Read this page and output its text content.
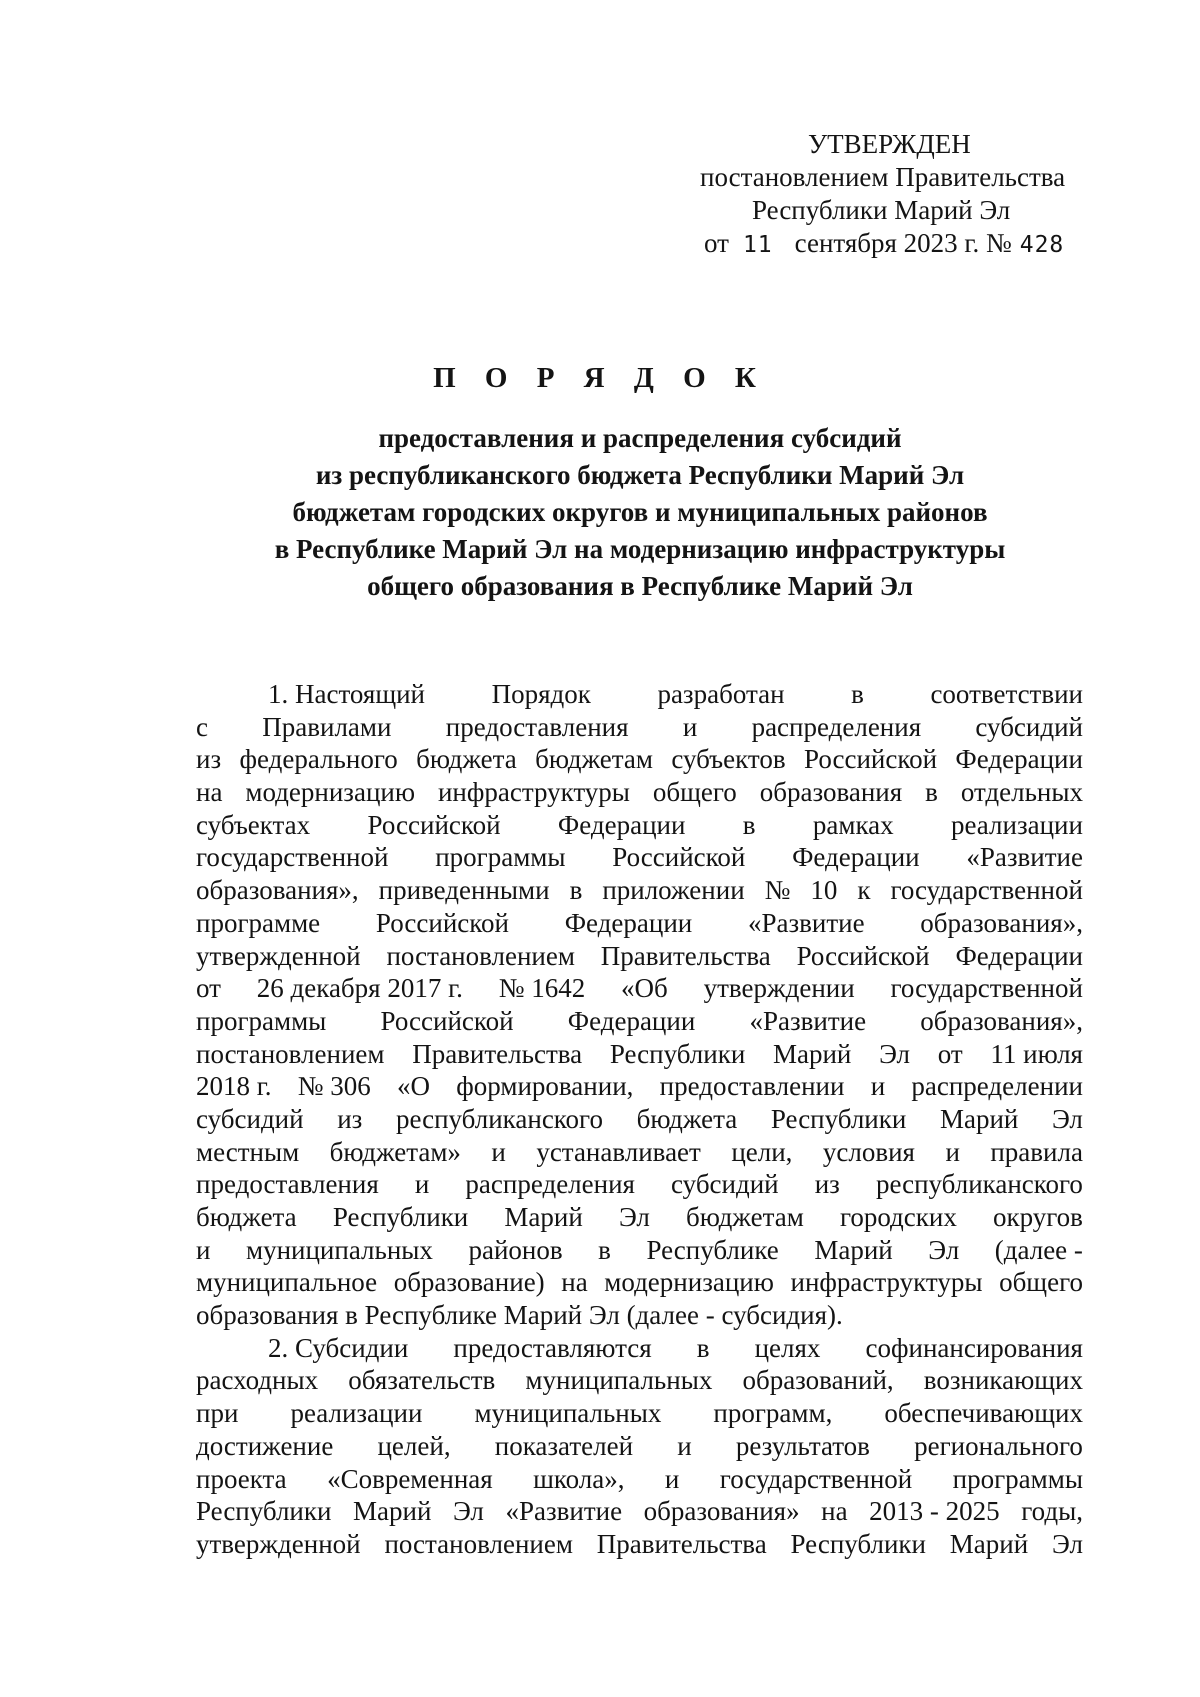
УТВЕРЖДЕН
постановлением Правительства
Республики Марий Эл
от 11 сентября 2023 г. № 428
П О Р Я Д О К
предоставления и распределения субсидий
из республиканского бюджета Республики Марий Эл
бюджетам городских округов и муниципальных районов
в Республике Марий Эл на модернизацию инфраструктуры
общего образования в Республике Марий Эл
1. Настоящий Порядок разработан в соответствии
с Правилами предоставления и распределения субсидий
из федерального бюджета бюджетам субъектов Российской Федерации
на модернизацию инфраструктуры общего образования в отдельных
субъектах Российской Федерации в рамках реализации
государственной программы Российской Федерации «Развитие
образования», приведенными в приложении № 10 к государственной
программе Российской Федерации «Развитие образования»,
утвержденной постановлением Правительства Российской Федерации
от 26 декабря 2017 г. № 1642 «Об утверждении государственной
программы Российской Федерации «Развитие образования»,
постановлением Правительства Республики Марий Эл от 11 июля
2018 г. № 306 «О формировании, предоставлении и распределении
субсидий из республиканского бюджета Республики Марий Эл
местным бюджетам» и устанавливает цели, условия и правила
предоставления и распределения субсидий из республиканского
бюджета Республики Марий Эл бюджетам городских округов
и муниципальных районов в Республике Марий Эл (далее -
муниципальное образование) на модернизацию инфраструктуры общего
образования в Республике Марий Эл (далее - субсидия).
2. Субсидии предоставляются в целях софинансирования
расходных обязательств муниципальных образований, возникающих
при реализации муниципальных программ, обеспечивающих
достижение целей, показателей и результатов регионального
проекта «Современная школа», и государственной программы
Республики Марий Эл «Развитие образования» на 2013 - 2025 годы,
утвержденной постановлением Правительства Республики Марий Эл
